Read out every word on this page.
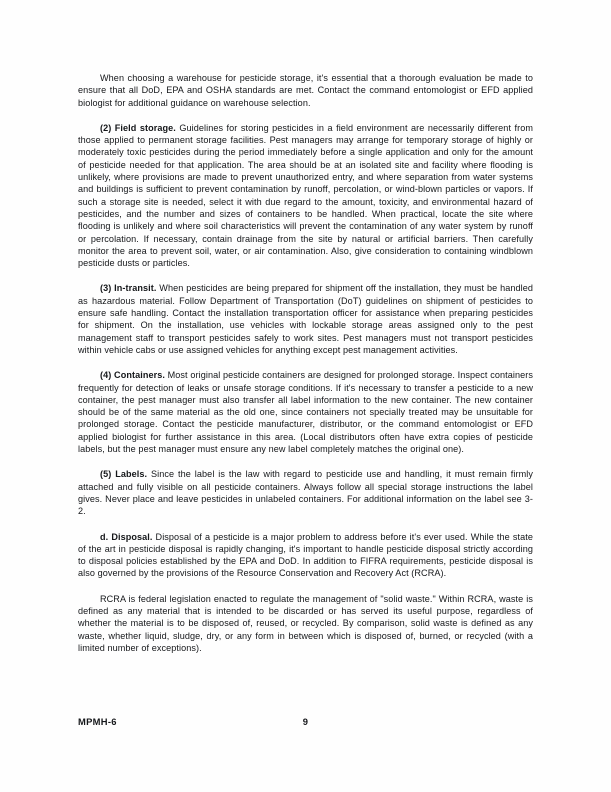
When choosing a warehouse for pesticide storage, it's essential that a thorough evaluation be made to ensure that all DoD, EPA and OSHA standards are met. Contact the command entomologist or EFD applied biologist for additional guidance on warehouse selection.

(2) Field storage. Guidelines for storing pesticides in a field environment are necessarily different from those applied to permanent storage facilities. Pest managers may arrange for temporary storage of highly or moderately toxic pesticides during the period immediately before a single application and only for the amount of pesticide needed for that application. The area should be at an isolated site and facility where flooding is unlikely, where provisions are made to prevent unauthorized entry, and where separation from water systems and buildings is sufficient to prevent contamination by runoff, percolation, or wind-blown particles or vapors. If such a storage site is needed, select it with due regard to the amount, toxicity, and environmental hazard of pesticides, and the number and sizes of containers to be handled. When practical, locate the site where flooding is unlikely and where soil characteristics will prevent the contamination of any water system by runoff or percolation. If necessary, contain drainage from the site by natural or artificial barriers. Then carefully monitor the area to prevent soil, water, or air contamination. Also, give consideration to containing windblown pesticide dusts or particles.

(3) In-transit. When pesticides are being prepared for shipment off the installation, they must be handled as hazardous material. Follow Department of Transportation (DoT) guidelines on shipment of pesticides to ensure safe handling. Contact the installation transportation officer for assistance when preparing pesticides for shipment. On the installation, use vehicles with lockable storage areas assigned only to the pest management staff to transport pesticides safely to work sites. Pest managers must not transport pesticides within vehicle cabs or use assigned vehicles for anything except pest management activities.

(4) Containers. Most original pesticide containers are designed for prolonged storage. Inspect containers frequently for detection of leaks or unsafe storage conditions. If it's necessary to transfer a pesticide to a new container, the pest manager must also transfer all label information to the new container. The new container should be of the same material as the old one, since containers not specially treated may be unsuitable for prolonged storage. Contact the pesticide manufacturer, distributor, or the command entomologist or EFD applied biologist for further assistance in this area. (Local distributors often have extra copies of pesticide labels, but the pest manager must ensure any new label completely matches the original one).

(5) Labels. Since the label is the law with regard to pesticide use and handling, it must remain firmly attached and fully visible on all pesticide containers. Always follow all special storage instructions the label gives. Never place and leave pesticides in unlabeled containers. For additional information on the label see 3-2.

d. Disposal. Disposal of a pesticide is a major problem to address before it's ever used. While the state of the art in pesticide disposal is rapidly changing, it's important to handle pesticide disposal strictly according to disposal policies established by the EPA and DoD. In addition to FIFRA requirements, pesticide disposal is also governed by the provisions of the Resource Conservation and Recovery Act (RCRA).

RCRA is federal legislation enacted to regulate the management of "solid waste." Within RCRA, waste is defined as any material that is intended to be discarded or has served its useful purpose, regardless of whether the material is to be disposed of, reused, or recycled. By comparison, solid waste is defined as any waste, whether liquid, sludge, dry, or any form in between which is disposed of, burned, or recycled (with a limited number of exceptions).

MPMH-6	9
